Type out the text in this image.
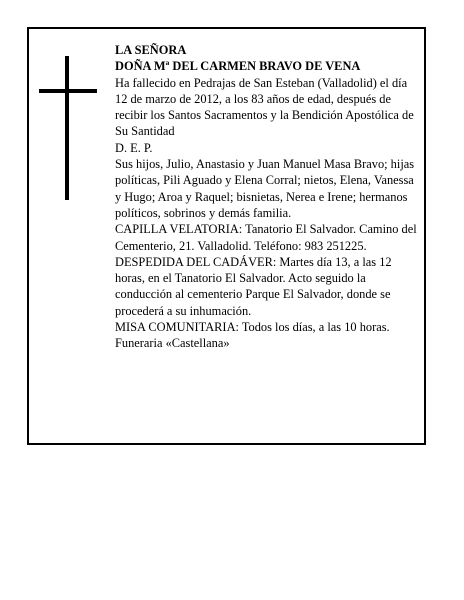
LA SEÑORA

DOÑA Mª DEL CARMEN BRAVO DE VENA

Ha fallecido en Pedrajas de San Esteban (Valladolid) el día 12 de marzo de 2012, a los 83 años de edad, después de recibir los Santos Sacramentos y la Bendición Apostólica de Su Santidad

D. E. P.

Sus hijos, Julio, Anastasio y Juan Manuel Masa Bravo; hijas políticas, Pili Aguado y Elena Corral; nietos, Elena, Vanessa y Hugo; Aroa y Raquel; bisnietas, Nerea e Irene; hermanos políticos, sobrinos y demás familia.

CAPILLA VELATORIA: Tanatorio El Salvador. Camino del Cementerio, 21. Valladolid. Teléfono: 983 251225.

DESPEDIDA DEL CADÁVER: Martes día 13, a las 12 horas, en el Tanatorio El Salvador. Acto seguido la conducción al cementerio Parque El Salvador, donde se procederá a su inhumación.

MISA COMUNITARIA: Todos los días, a las 10 horas.

Funeraria «Castellana»
